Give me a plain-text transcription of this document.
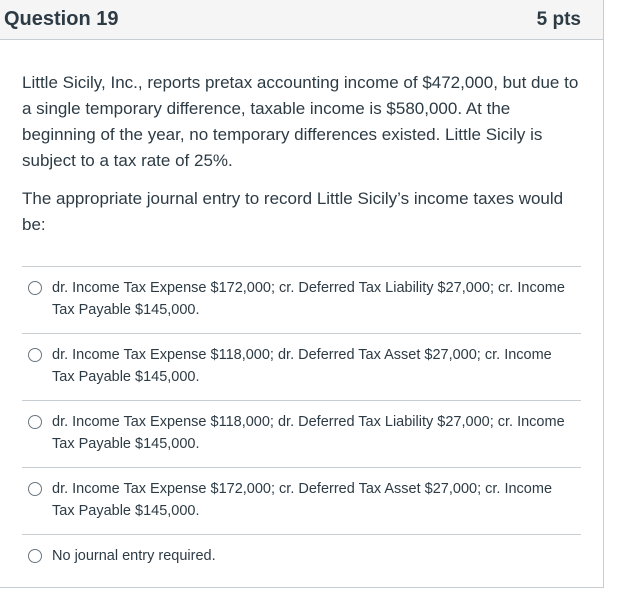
Question 19	5 pts

Little Sicily, Inc., reports pretax accounting income of $472,000, but due to a single temporary difference, taxable income is $580,000. At the beginning of the year, no temporary differences existed. Little Sicily is subject to a tax rate of 25%.

The appropriate journal entry to record Little Sicily’s income taxes would be:

dr. Income Tax Expense $172,000; cr. Deferred Tax Liability $27,000; cr. Income Tax Payable $145,000.
dr. Income Tax Expense $118,000; dr. Deferred Tax Asset $27,000; cr. Income Tax Payable $145,000.
dr. Income Tax Expense $118,000; dr. Deferred Tax Liability $27,000; cr. Income Tax Payable $145,000.
dr. Income Tax Expense $172,000; cr. Deferred Tax Asset $27,000; cr. Income Tax Payable $145,000.
No journal entry required.
